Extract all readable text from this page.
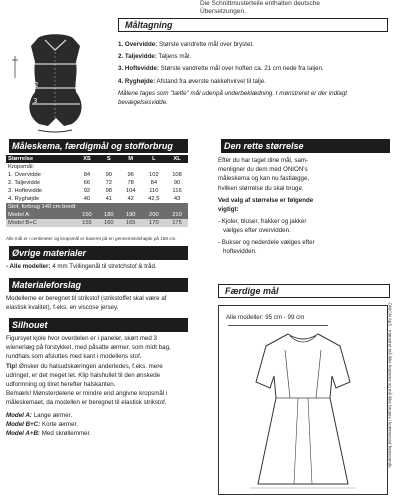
Die Schnittmusterteile enthalten deutsche
Übersetzungen.
Måltagning
1
2
3
4

1. Overvidde: Største vandrette mål over brystet.

2. Taljevidde: Taljens mål.

3. Hoftevidde: Største vandrette mål over hoften ca. 21 cm nede fra taljen.

4. Ryghøjde: Afstand fra øverste nakkehvirvel til talje.

Målene tages som "tætte" mål udenpå underbeklædning. I mønstreret er der indlagt bevægelsesvidde.

Måleskema, færdigmål og stofforbrug
Størrelse	XS	S	M	L	XL
Kropsmål:					
1. Overvidde	84	90	96	102	108
2. Taljevidde	66	72	78	84	90
3. Hoftevidde	92	98	104	110	116
4. Ryghøjde	40	41	42	42,5	43
Stof, forbrug 140 cm bredt					
Model A:	150	180	190	200	210
Model B+C	155	160	165	170	175
Alle mål er i centimeter og kropsmål er baseret på en gennemsnitshøjde på 168 cm.
Øvrige materialer
- Alle modeller: 4 mm Tvillingenål til stretchstof & tråd.
Materialeforslag
Modellerne er beregnet til strikstof (strikstoffet skal være af
elastisk kvalitet), f.eks. en viscose jersey.
Silhouet
Figursyet kjole hvor overdelen er i paneler, skørt med 3
wienerlæg på forstykket, med påsatte ærmer, som midt bag,
rundhals som afsluttes med kant i modellens stof.
Tip! Ønsker du halsudskæringen anderledes, f.eks. mere
udringet, er det meget let. Klip halshullet til den ønskede
udformning og tilret herefter halskanten.
Bemærk! Mønsterdelene er mindre end angivne kropsmål i
måleskemaet, da modellen er beregnet til elastisk strikstof.
Model A: Lange ærmer.
Model B+C: Korte ærmer.
Model A+B: Med skrøllemmer.
Den rette størrelse

Efter du har taget dine mål, sam-
menligner du dem med ONION's
måleskema og kan nu fastlægge,
hvilken størrelse du skal bruge.

Ved valg af størrelse er følgende
vigtigt:

- Kjoler, bluser, frakker og jakker
vælges efter overvidden.
- Bukser og nederdele vælges efter
hoftevidden.
Færdige mål
Alle modeller: 95 cm - 99 cm	ONION ApS - mønstret må ikke kopieres og må ikke bruges i kommercial henseende.
